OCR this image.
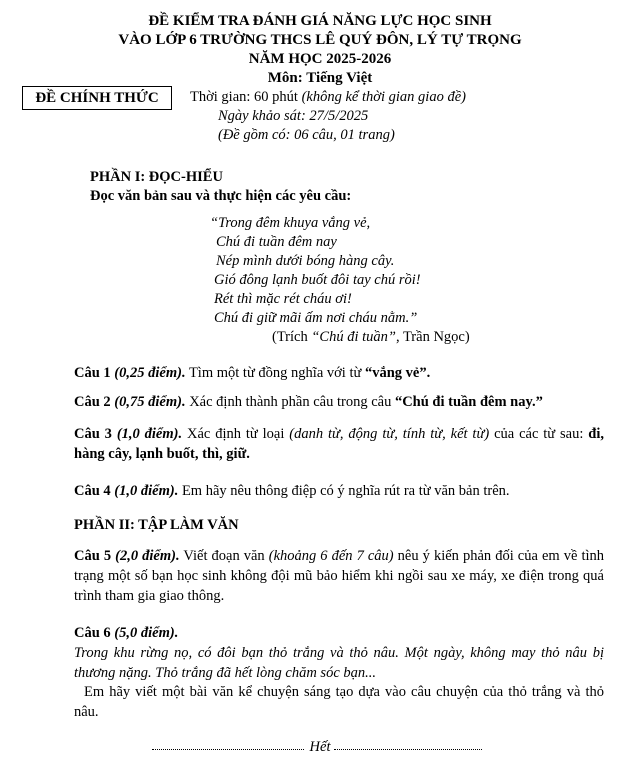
ĐỀ KIỂM TRA ĐÁNH GIÁ NĂNG LỰC HỌC SINH
VÀO LỚP 6 TRƯỜNG THCS LÊ QUÝ ĐÔN, LÝ TỰ TRỌNG
NĂM HỌC 2025-2026
Môn: Tiếng Việt
ĐỀ CHÍNH THỨC	Thời gian: 60 phút (không kể thời gian giao đề)
Ngày khảo sát: 27/5/2025
(Đề gồm có: 06 câu, 01 trang)
PHẦN I: ĐỌC-HIỂU
Đọc văn bản sau và thực hiện các yêu cầu:
“Trong đêm khuya vắng vẻ,
Chú đi tuần đêm nay
Nép mình dưới bóng hàng cây.
Gió đông lạnh buốt đôi tay chú rồi!
Rét thì mặc rét cháu ơi!
Chú đi giữ mãi ấm nơi cháu nằm.”
(Trích “Chú đi tuần”, Trần Ngọc)
Câu 1 (0,25 điểm). Tìm một từ đồng nghĩa với từ “vắng vẻ”.
Câu 2 (0,75 điểm). Xác định thành phần câu trong câu “Chú đi tuần đêm nay.”
Câu 3 (1,0 điểm). Xác định từ loại (danh từ, động từ, tính từ, kết từ) của các từ sau: đi, hàng cây, lạnh buốt, thì, giữ.
Câu 4 (1,0 điểm). Em hãy nêu thông điệp có ý nghĩa rút ra từ văn bản trên.
PHẦN II: TẬP LÀM VĂN
Câu 5 (2,0 điểm). Viết đoạn văn (khoảng 6 đến 7 câu) nêu ý kiến phản đối của em về tình trạng một số bạn học sinh không đội mũ bảo hiểm khi ngồi sau xe máy, xe điện trong quá trình tham gia giao thông.
Câu 6 (5,0 điểm).
Trong khu rừng nọ, có đôi bạn thỏ trắng và thỏ nâu. Một ngày, không may thỏ nâu bị thương nặng. Thỏ trắng đã hết lòng chăm sóc bạn...
Em hãy viết một bài văn kể chuyện sáng tạo dựa vào câu chuyện của thỏ trắng và thỏ nâu.
Hết
